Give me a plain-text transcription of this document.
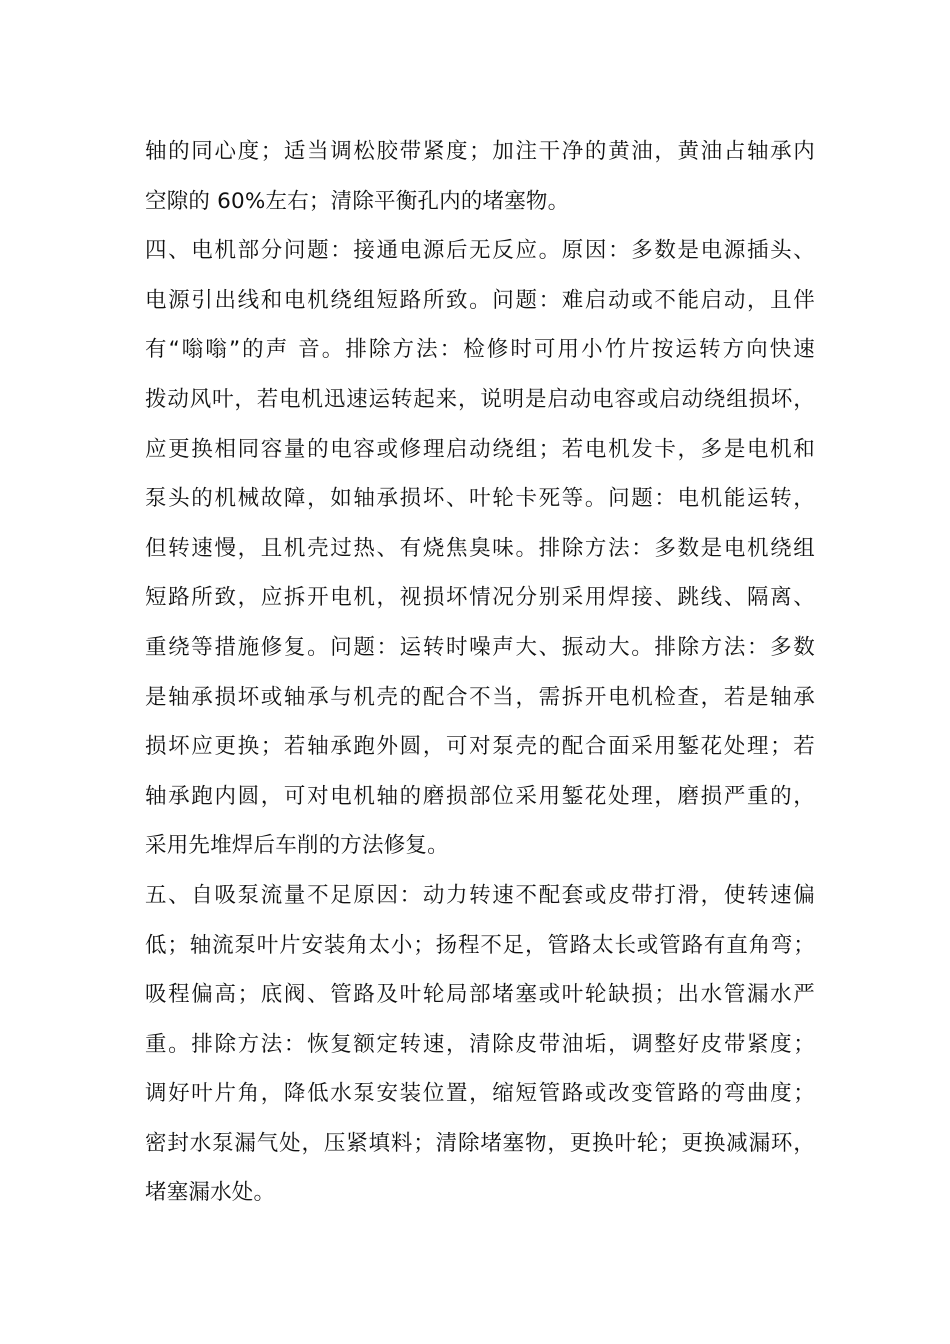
轴的同心度；适当调松胶带紧度；加注干净的黄油，黄油占轴承内
空隙的 60%左右；清除平衡孔内的堵塞物。
四、电机部分问题：接通电源后无反应。原因：多数是电源插头、
电源引出线和电机绕组短路所致。问题：难启动或不能启动，且伴
有“嗡嗡”的声 音。排除方法：检修时可用小竹片按运转方向快速
拨动风叶，若电机迅速运转起来，说明是启动电容或启动绕组损坏，
应更换相同容量的电容或修理启动绕组；若电机发卡，多是电机和
泵头的机械故障，如轴承损坏、叶轮卡死等。问题：电机能运转，
但转速慢，且机壳过热、有烧焦臭味。排除方法：多数是电机绕组
短路所致，应拆开电机，视损坏情况分别采用焊接、跳线、隔离、
重绕等措施修复。问题：运转时噪声大、振动大。排除方法：多数
是轴承损坏或轴承与机壳的配合不当，需拆开电机检查，若是轴承
损坏应更换；若轴承跑外圆，可对泵壳的配合面采用錾花处理；若
轴承跑内圆，可对电机轴的磨损部位采用錾花处理，磨损严重的，
采用先堆焊后车削的方法修复。
五、自吸泵流量不足原因：动力转速不配套或皮带打滑，使转速偏
低；轴流泵叶片安装角太小；扬程不足，管路太长或管路有直角弯；
吸程偏高；底阀、管路及叶轮局部堵塞或叶轮缺损；出水管漏水严
重。排除方法：恢复额定转速，清除皮带油垢，调整好皮带紧度；
调好叶片角，降低水泵安装位置，缩短管路或改变管路的弯曲度；
密封水泵漏气处，压紧填料；清除堵塞物，更换叶轮；更换减漏环，
堵塞漏水处。
